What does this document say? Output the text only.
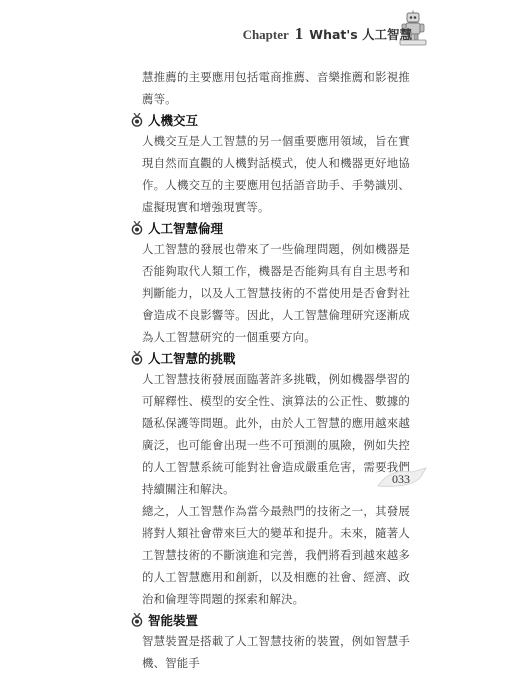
Chapter 1 What's 人工智慧

慧推薦的主要應用包括電商推薦、音樂推薦和影視推薦等。

人機交互

人機交互是人工智慧的另一個重要應用領域，旨在實現自然而直觀的人機對話模式，使人和機器更好地協作。人機交互的主要應用包括語音助手、手勢識別、虛擬現實和增強現實等。

人工智慧倫理

人工智慧的發展也帶來了一些倫理問題，例如機器是否能夠取代人類工作，機器是否能夠具有自主思考和判斷能力，以及人工智慧技術的不當使用是否會對社會造成不良影響等。因此，人工智慧倫理研究逐漸成為人工智慧研究的一個重要方向。

人工智慧的挑戰

人工智慧技術發展面臨著許多挑戰，例如機器學習的可解釋性、模型的安全性、演算法的公正性、數據的隱私保護等問題。此外，由於人工智慧的應用越來越廣泛，也可能會出現一些不可預測的風險，例如失控的人工智慧系統可能對社會造成嚴重危害，需要我們持續關注和解決。

總之，人工智慧作為當今最熱門的技術之一，其發展將對人類社會帶來巨大的變革和提升。未來，隨著人工智慧技術的不斷演進和完善，我們將看到越來越多的人工智慧應用和創新，以及相應的社會、經濟、政治和倫理等問題的探索和解決。

智能裝置

智慧裝置是搭載了人工智慧技術的裝置，例如智慧手機、智能手

033
